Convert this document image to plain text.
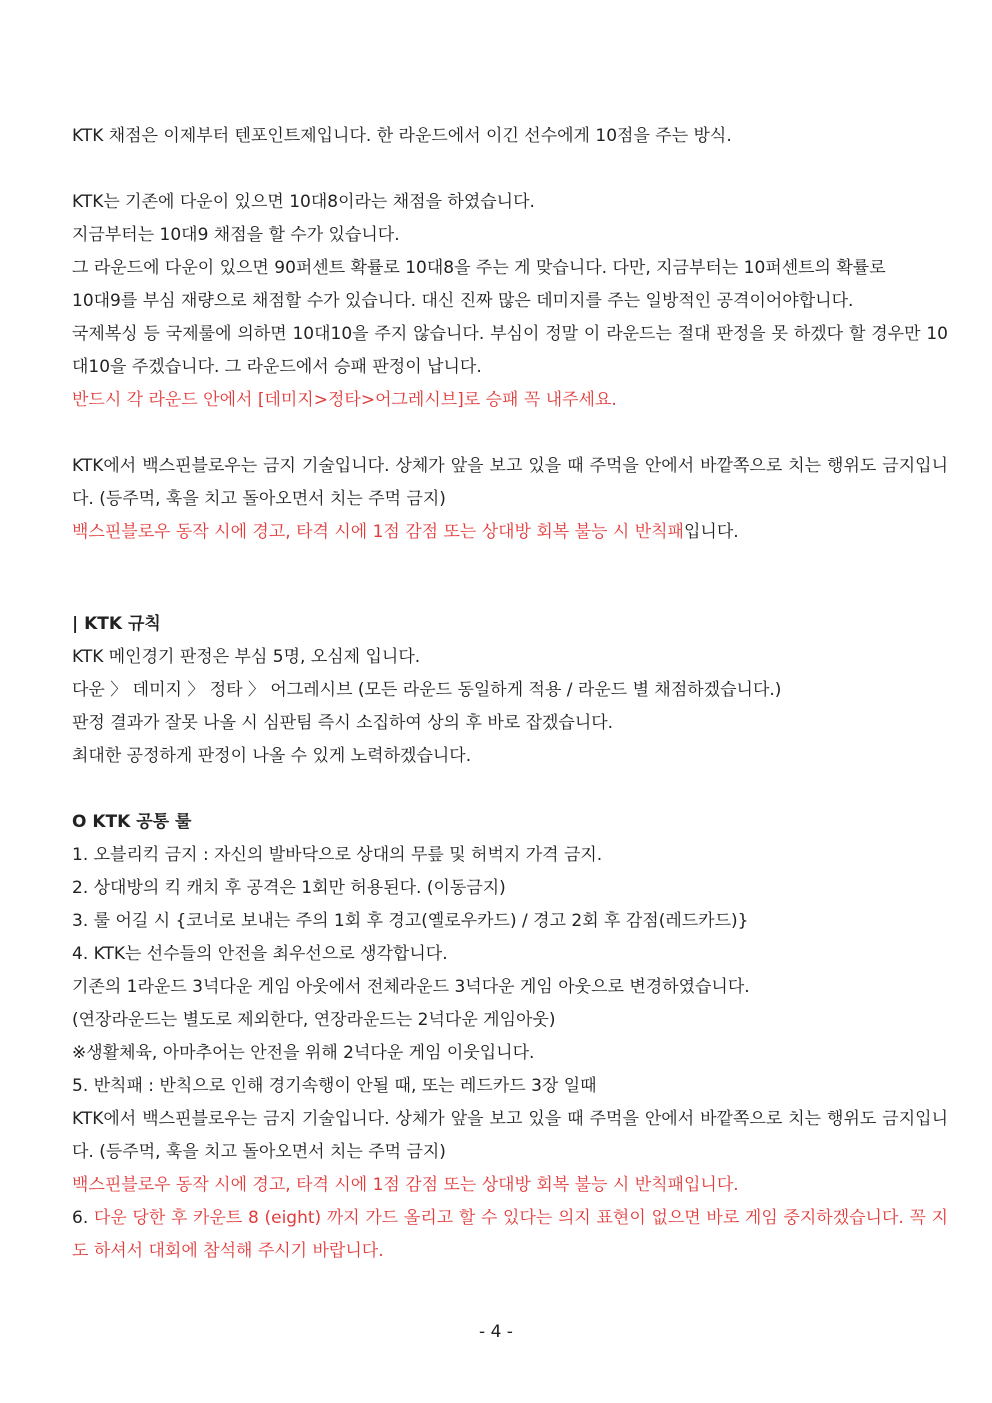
KTK 채점은 이제부터 텐포인트제입니다. 한 라운드에서 이긴 선수에게 10점을 주는 방식.
KTK는 기존에 다운이 있으면 10대8이라는 채점을 하였습니다.
지금부터는 10대9 채점을 할 수가 있습니다.
그 라운드에 다운이 있으면 90퍼센트 확률로 10대8을 주는 게 맞습니다. 다만, 지금부터는 10퍼센트의 확률로
10대9를 부심 재량으로 채점할 수가 있습니다. 대신 진짜 많은 데미지를 주는 일방적인 공격이어야합니다.
국제복싱 등 국제룰에 의하면 10대10을 주지 않습니다. 부심이 정말 이 라운드는 절대 판정을 못 하겠다 할 경우만 10대10을 주겠습니다. 그 라운드에서 승패 판정이 납니다.
반드시 각 라운드 안에서 [데미지>정타>어그레시브]로 승패 꼭 내주세요.
KTK에서 백스핀블로우는 금지 기술입니다. 상체가 앞을 보고 있을 때 주먹을 안에서 바깥쪽으로 치는 행위도 금지입니다. (등주먹, 훅을 치고 돌아오면서 치는 주먹 금지)
백스핀블로우 동작 시에 경고, 타격 시에 1점 감점 또는 상대방 회복 불능 시 반칙패입니다.
| KTK 규칙
KTK 메인경기 판정은 부심 5명, 오심제 입니다.
다운 〉 데미지 〉 정타 〉 어그레시브 (모든 라운드 동일하게 적용 / 라운드 별 채점하겠습니다.)
판정 결과가 잘못 나올 시 심판팀 즉시 소집하여 상의 후 바로 잡겠습니다.
최대한 공정하게 판정이 나올 수 있게 노력하겠습니다.
O KTK 공통 룰
1. 오블리킥 금지 : 자신의 발바닥으로 상대의 무릎 및 허벅지 가격 금지.
2. 상대방의 킥 캐치 후 공격은 1회만 허용된다. (이동금지)
3. 룰 어길 시 {코너로 보내는 주의 1회 후 경고(옐로우카드) / 경고 2회 후 감점(레드카드)}
4. KTK는 선수들의 안전을 최우선으로 생각합니다.
기존의 1라운드 3넉다운 게임 아웃에서 전체라운드 3넉다운 게임 아웃으로 변경하였습니다.
(연장라운드는 별도로 제외한다, 연장라운드는 2넉다운 게임아웃)
※생활체육, 아마추어는 안전을 위해 2넉다운 게임 이웃입니다.
5. 반칙패 : 반칙으로 인해 경기속행이 안될 때, 또는 레드카드 3장 일때
KTK에서 백스핀블로우는 금지 기술입니다. 상체가 앞을 보고 있을 때 주먹을 안에서 바깥쪽으로 치는 행위도 금지입니다. (등주먹, 훅을 치고 돌아오면서 치는 주먹 금지)
백스핀블로우 동작 시에 경고, 타격 시에 1점 감점 또는 상대방 회복 불능 시 반칙패입니다.
6. 다운 당한 후 카운트 8 (eight) 까지 가드 올리고 할 수 있다는 의지 표현이 없으면 바로 게임 중지하겠습니다. 꼭 지도 하셔서 대회에 참석해 주시기 바랍니다.
- 4 -
